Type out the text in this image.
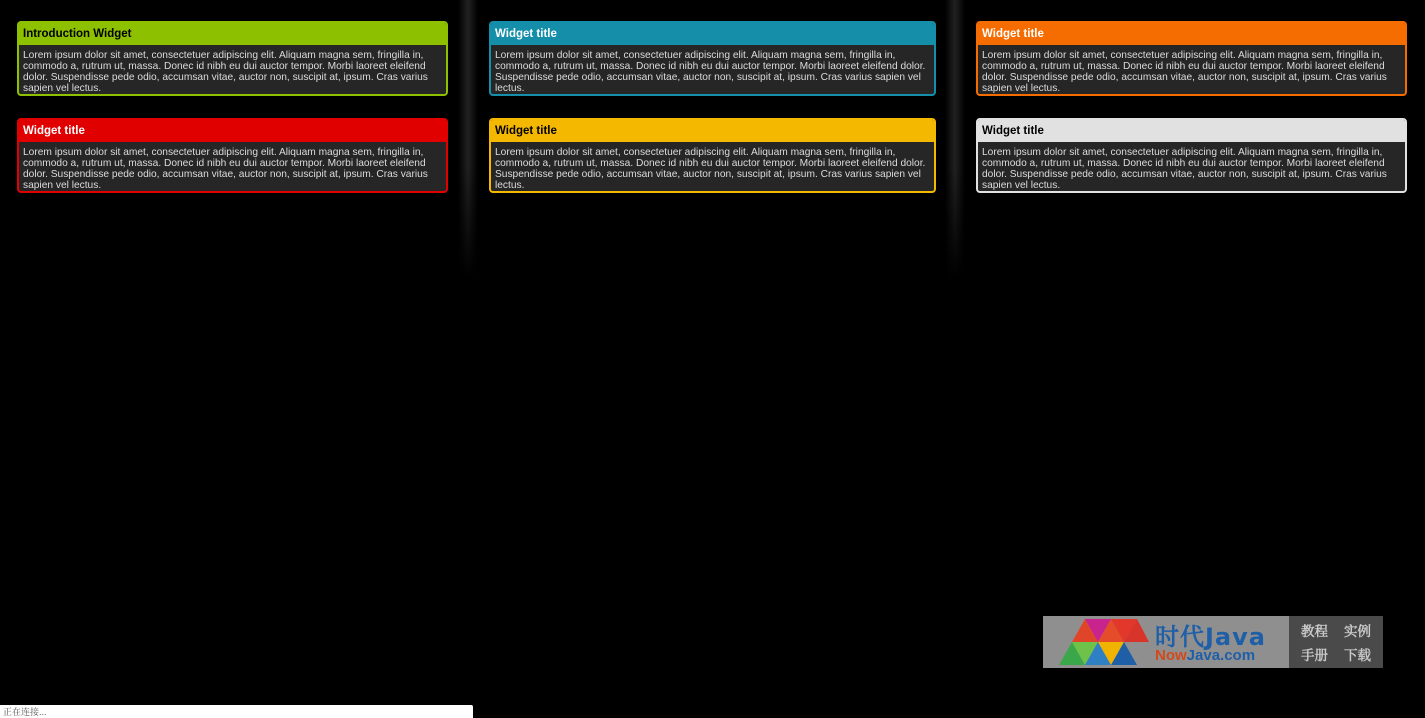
Introduction Widget
Lorem ipsum dolor sit amet, consectetuer adipiscing elit. Aliquam magna sem, fringilla in, commodo a, rutrum ut, massa. Donec id nibh eu dui auctor tempor. Morbi laoreet eleifend dolor. Suspendisse pede odio, accumsan vitae, auctor non, suscipit at, ipsum. Cras varius sapien vel lectus.
Widget title
Lorem ipsum dolor sit amet, consectetuer adipiscing elit. Aliquam magna sem, fringilla in, commodo a, rutrum ut, massa. Donec id nibh eu dui auctor tempor. Morbi laoreet eleifend dolor. Suspendisse pede odio, accumsan vitae, auctor non, suscipit at, ipsum. Cras varius sapien vel lectus.
Widget title
Lorem ipsum dolor sit amet, consectetuer adipiscing elit. Aliquam magna sem, fringilla in, commodo a, rutrum ut, massa. Donec id nibh eu dui auctor tempor. Morbi laoreet eleifend dolor. Suspendisse pede odio, accumsan vitae, auctor non, suscipit at, ipsum. Cras varius sapien vel lectus.
Widget title
Lorem ipsum dolor sit amet, consectetuer adipiscing elit. Aliquam magna sem, fringilla in, commodo a, rutrum ut, massa. Donec id nibh eu dui auctor tempor. Morbi laoreet eleifend dolor. Suspendisse pede odio, accumsan vitae, auctor non, suscipit at, ipsum. Cras varius sapien vel lectus.
Widget title
Lorem ipsum dolor sit amet, consectetuer adipiscing elit. Aliquam magna sem, fringilla in, commodo a, rutrum ut, massa. Donec id nibh eu dui auctor tempor. Morbi laoreet eleifend dolor. Suspendisse pede odio, accumsan vitae, auctor non, suscipit at, ipsum. Cras varius sapien vel lectus.
Widget title
Lorem ipsum dolor sit amet, consectetuer adipiscing elit. Aliquam magna sem, fringilla in, commodo a, rutrum ut, massa. Donec id nibh eu dui auctor tempor. Morbi laoreet eleifend dolor. Suspendisse pede odio, accumsan vitae, auctor non, suscipit at, ipsum. Cras varius sapien vel lectus.
时代Java
NowJava.com
教程 实例
手册 下载
正在连接...
